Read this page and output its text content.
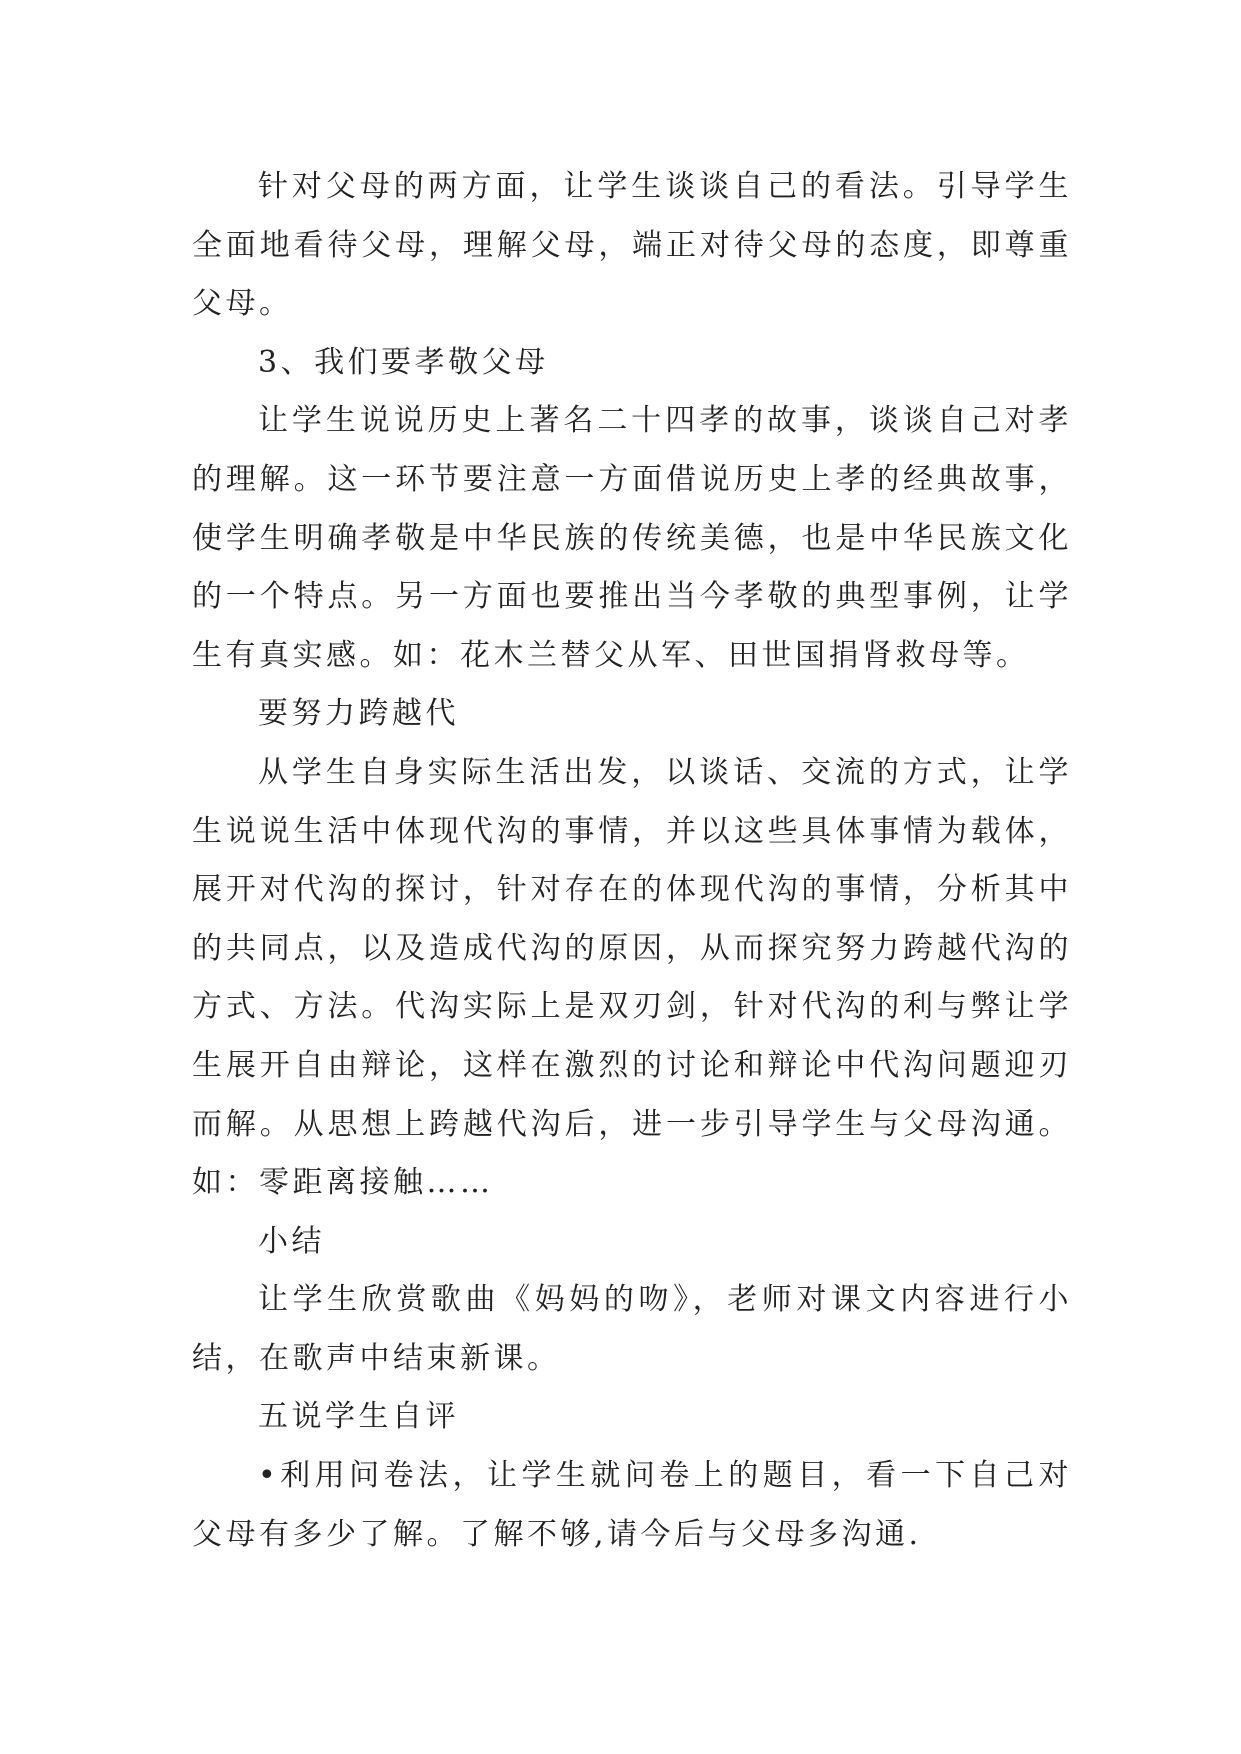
针对父母的两方面，让学生谈谈自己的看法。引导学生全面地看待父母，理解父母，端正对待父母的态度，即尊重父母。

3、我们要孝敬父母

让学生说说历史上著名二十四孝的故事，谈谈自己对孝的理解。这一环节要注意一方面借说历史上孝的经典故事，使学生明确孝敬是中华民族的传统美德，也是中华民族文化的一个特点。另一方面也要推出当今孝敬的典型事例，让学生有真实感。如：花木兰替父从军、田世国捐肾救母等。

要努力跨越代

从学生自身实际生活出发，以谈话、交流的方式，让学生说说生活中体现代沟的事情，并以这些具体事情为载体，展开对代沟的探讨，针对存在的体现代沟的事情，分析其中的共同点，以及造成代沟的原因，从而探究努力跨越代沟的方式、方法。代沟实际上是双刃剑，针对代沟的利与弊让学生展开自由辩论，这样在激烈的讨论和辩论中代沟问题迎刃而解。从思想上跨越代沟后，进一步引导学生与父母沟通。如：零距离接触……

小结

让学生欣赏歌曲《妈妈的吻》，老师对课文内容进行小结，在歌声中结束新课。

五说学生自评

•利用问卷法，让学生就问卷上的题目，看一下自己对父母有多少了解。了解不够,请今后与父母多沟通.
